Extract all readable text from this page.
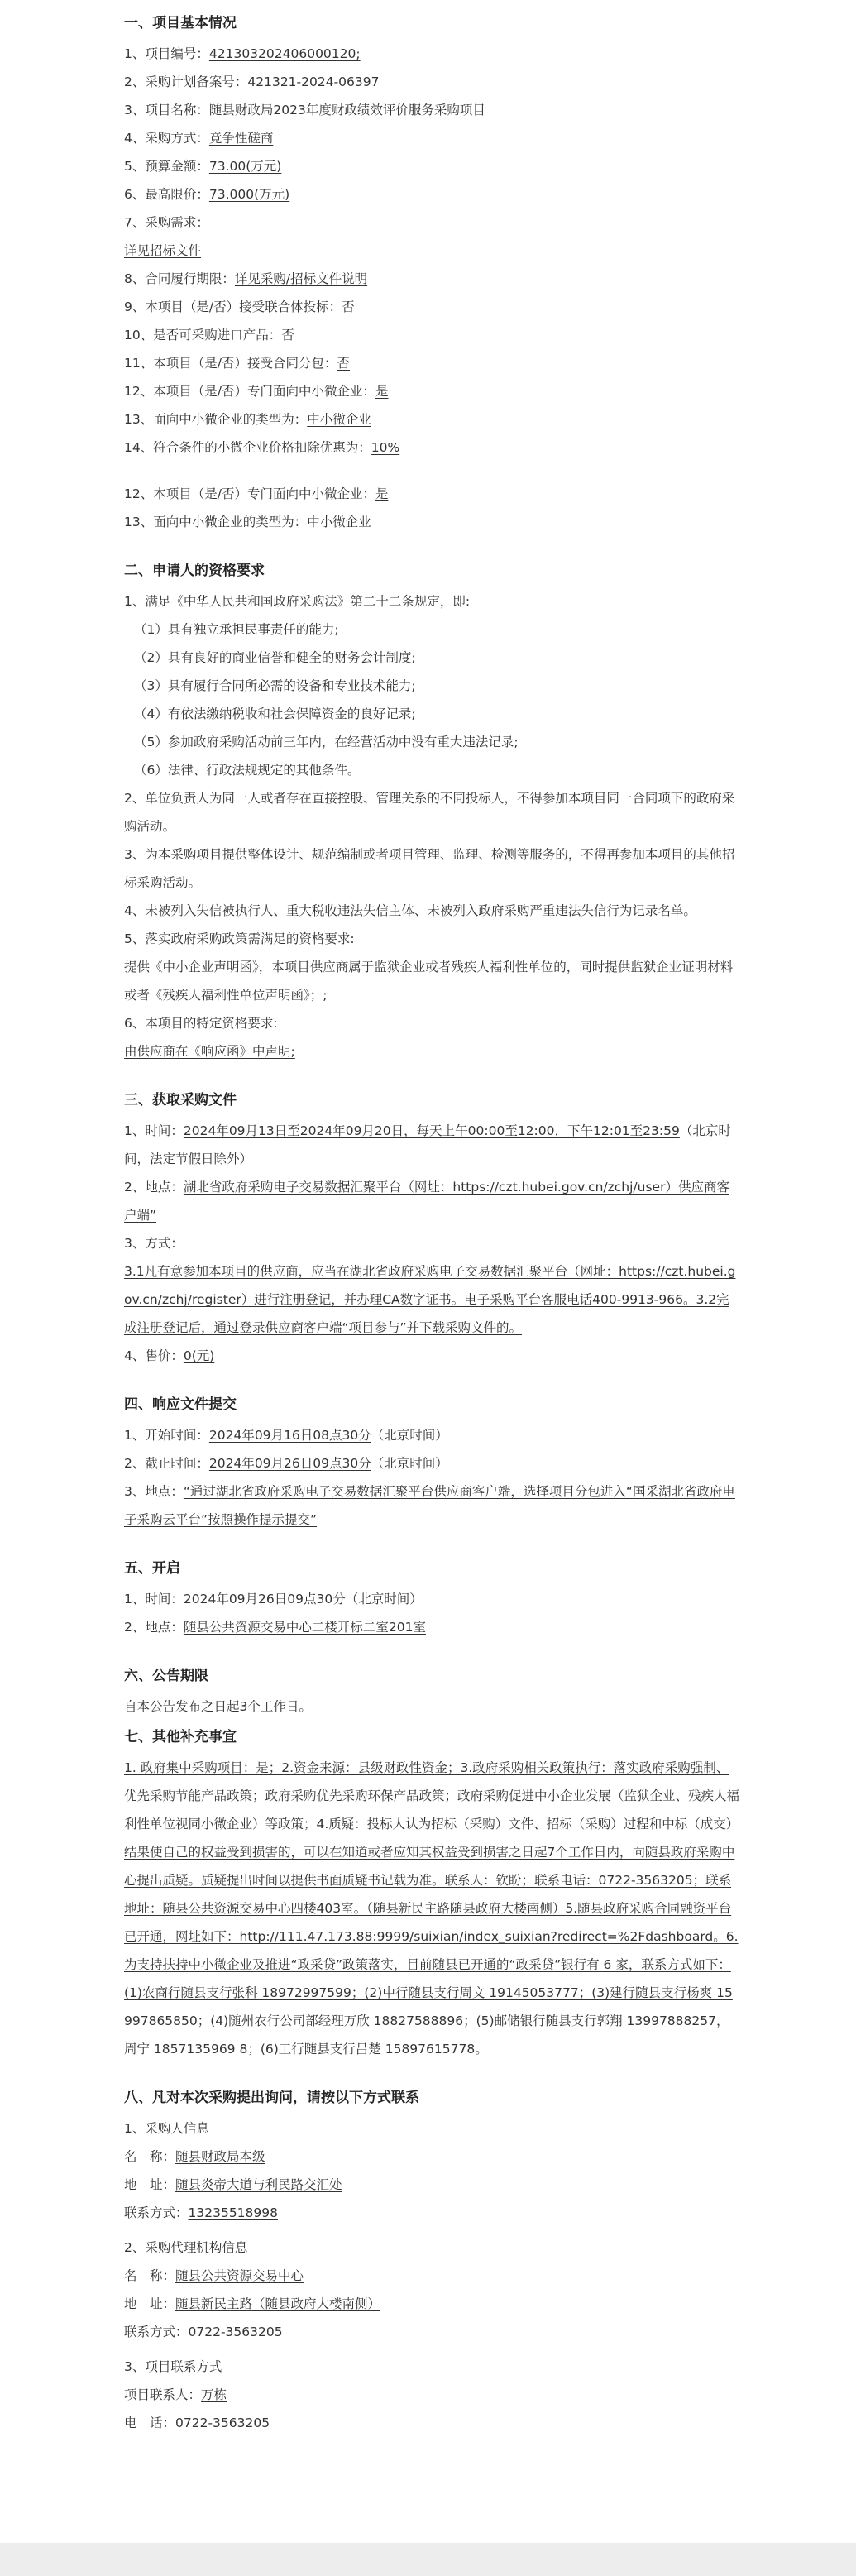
一、项目基本情况
1、项目编号：421303202406000120;
2、采购计划备案号：421321-2024-06397
3、项目名称：随县财政局2023年度财政绩效评价服务采购项目
4、采购方式：竞争性磋商
5、预算金额：73.00(万元)
6、最高限价：73.000(万元)
7、采购需求：
详见招标文件
8、合同履行期限：详见采购/招标文件说明
9、本项目（是/否）接受联合体投标：否
10、是否可采购进口产品：否
11、本项目（是/否）接受合同分包：否
12、本项目（是/否）专门面向中小微企业：是
13、面向中小微企业的类型为：中小微企业
14、符合条件的小微企业价格扣除优惠为：10%
12、本项目（是/否）专门面向中小微企业：是
13、面向中小微企业的类型为：中小微企业
二、申请人的资格要求
1、满足《中华人民共和国政府采购法》第二十二条规定，即:
（1）具有独立承担民事责任的能力;
（2）具有良好的商业信誉和健全的财务会计制度;
（3）具有履行合同所必需的设备和专业技术能力;
（4）有依法缴纳税收和社会保障资金的良好记录;
（5）参加政府采购活动前三年内，在经营活动中没有重大违法记录;
（6）法律、行政法规规定的其他条件。

2、单位负责人为同一人或者存在直接控股、管理关系的不同投标人，不得参加本项目同一合同项下的政府采购活动。

3、为本采购项目提供整体设计、规范编制或者项目管理、监理、检测等服务的，不得再参加本项目的其他招标采购活动。

4、未被列入失信被执行人、重大税收违法失信主体、未被列入政府采购严重违法失信行为记录名单。

5、落实政府采购政策需满足的资格要求:

提供《中小企业声明函》，本项目供应商属于监狱企业或者残疾人福利性单位的，同时提供监狱企业证明材料或者《残疾人福利性单位声明函》；;

6、本项目的特定资格要求:
由供应商在《响应函》中声明;
三、获取采购文件

1、时间：2024年09月13日至2024年09月20日，每天上午00:00至12:00，下午12:01至23:59（北京时间，法定节假日除外）

2、地点：湖北省政府采购电子交易数据汇聚平台（网址：https://czt.hubei.gov.cn/zchj/user）供应商客户端”

3、方式：

3.1凡有意参加本项目的供应商，应当在湖北省政府采购电子交易数据汇聚平台（网址：https://czt.hubei.gov.cn/zchj/register）进行注册登记，并办理CA数字证书。电子采购平台客服电话400-9913-966。3.2完成注册登记后，通过登录供应商客户端“项目参与”并下载采购文件的。

4、售价：0(元)
四、响应文件提交
1、开始时间：2024年09月16日08点30分（北京时间）
2、截止时间：2024年09月26日09点30分（北京时间）

3、地点：“通过湖北省政府采购电子交易数据汇聚平台供应商客户端，选择项目分包进入“国采湖北省政府电子采购云平台”按照操作提示提交”

五、开启
1、时间：2024年09月26日09点30分（北京时间）
2、地点：随县公共资源交易中心二楼开标二室201室
六、公告期限
自本公告发布之日起3个工作日。
七、其他补充事宜

1. 政府集中采购项目：是；2.资金来源：县级财政性资金；3.政府采购相关政策执行：落实政府采购强制、优先采购节能产品政策；政府采购优先采购环保产品政策；政府采购促进中小企业发展（监狱企业、残疾人福利性单位视同小微企业）等政策；4.质疑：投标人认为招标（采购）文件、招标（采购）过程和中标（成交）结果使自己的权益受到损害的，可以在知道或者应知其权益受到损害之日起7个工作日内，向随县政府采购中心提出质疑。质疑提出时间以提供书面质疑书记载为准。联系人：钦盼；联系电话：0722-3563205；联系地址：随县公共资源交易中心四楼403室。（随县新民主路随县政府大楼南侧）5.随县政府采购合同融资平台已开通，网址如下：http://111.47.173.88:9999/suixian/index_suixian?redirect=%2Fdashboard。6. 为支持扶持中小微企业及推进“政采贷”政策落实，目前随县已开通的“政采贷”银行有 6 家，联系方式如下：(1)农商行随县支行张科 18972997599；(2)中行随县支行周文 19145053777；(3)建行随县支行杨爽 15997865850；(4)随州农行公司部经理万欣 18827588896；(5)邮储银行随县支行郭翔 13997888257，周宁 1857135969 8；(6)工行随县支行吕楚 15897615778。

八、凡对本次采购提出询问，请按以下方式联系
1、采购人信息
名　称：随县财政局本级
地　址：随县炎帝大道与利民路交汇处
联系方式：13235518998
2、采购代理机构信息
名　称：随县公共资源交易中心
地　址：随县新民主路（随县政府大楼南侧）
联系方式：0722-3563205
3、项目联系方式
项目联系人：万栋
电　话：0722-3563205
